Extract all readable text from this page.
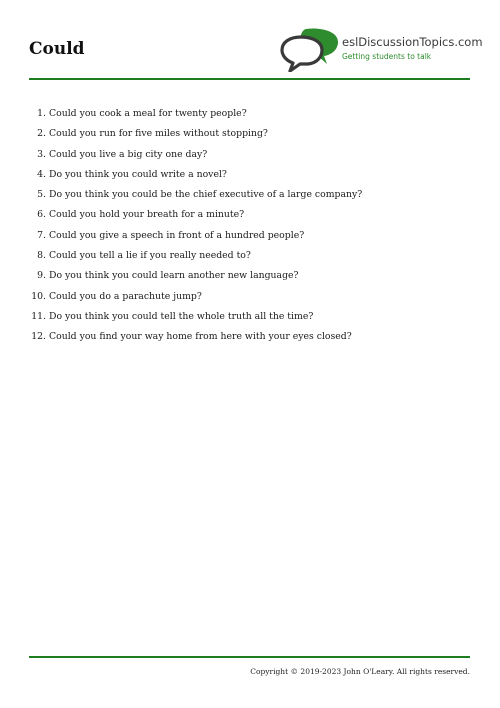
Could	eslDiscussionTopics.com
Getting students to talk
1. Could you cook a meal for twenty people?
2. Could you run for five miles without stopping?
3. Could you live a big city one day?
4. Do you think you could write a novel?
5. Do you think you could be the chief executive of a large company?
6. Could you hold your breath for a minute?
7. Could you give a speech in front of a hundred people?
8. Could you tell a lie if you really needed to?
9. Do you think you could learn another new language?
10. Could you do a parachute jump?
11. Do you think you could tell the whole truth all the time?
12. Could you find your way home from here with your eyes closed?
Copyright © 2019-2023 John O'Leary. All rights reserved.
